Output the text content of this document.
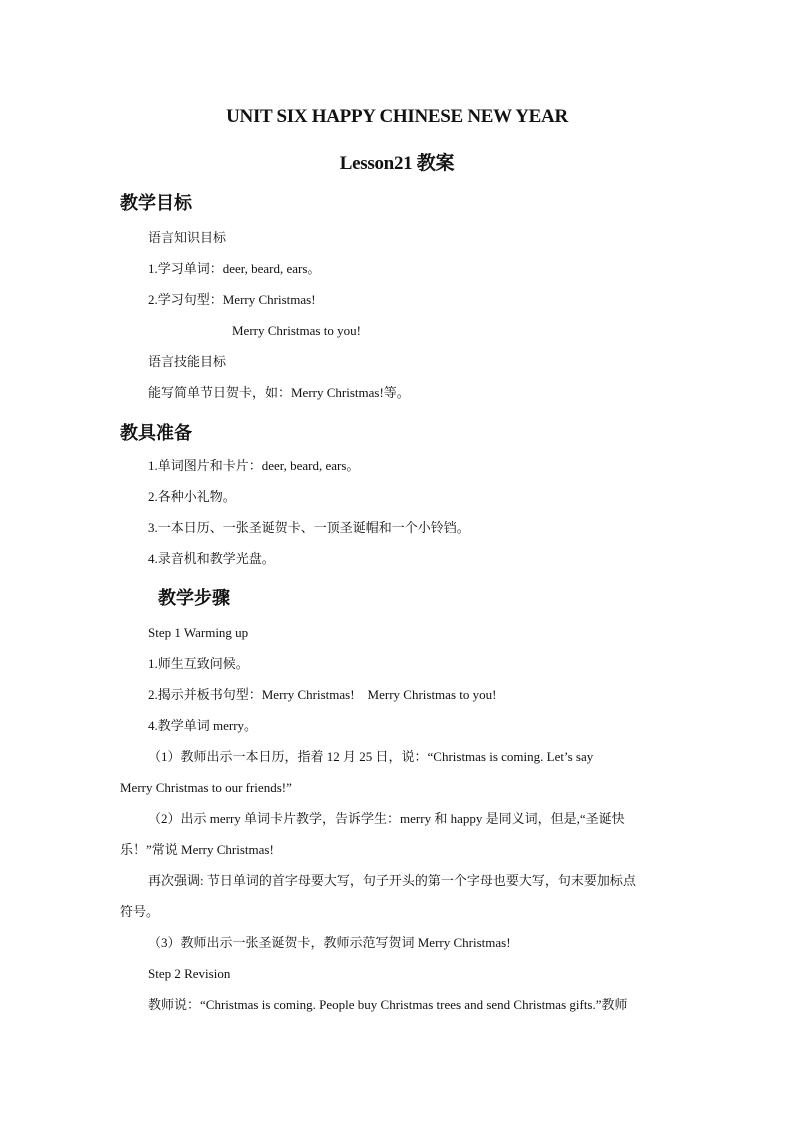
UNIT SIX HAPPY CHINESE NEW YEAR
Lesson21 教案
教学目标
语言知识目标
1.学习单词：deer, beard, ears。
2.学习句型：Merry Christmas!
Merry Christmas to you!
语言技能目标
能写简单节日贺卡，如：Merry Christmas!等。
教具准备
1.单词图片和卡片：deer, beard, ears。
2.各种小礼物。
3.一本日历、一张圣诞贺卡、一顶圣诞帽和一个小铃铛。
4.录音机和教学光盘。
教学步骤
Step 1 Warming up
1.师生互致问候。
2.揭示并板书句型：Merry Christmas!　Merry Christmas to you!
4.教学单词 merry。
（1）教师出示一本日历，指着 12 月 25 日，说：“Christmas is coming. Let’s say
Merry Christmas to our friends!”
（2）出示 merry 单词卡片教学，告诉学生：merry 和 happy 是同义词，但是,“圣诞快
乐！”常说 Merry Christmas!
再次强调: 节日单词的首字母要大写，句子开头的第一个字母也要大写，句末要加标点
符号。
（3）教师出示一张圣诞贺卡，教师示范写贺词 Merry Christmas!
Step 2 Revision
教师说：“Christmas is coming. People buy Christmas trees and send Christmas gifts.”教师
